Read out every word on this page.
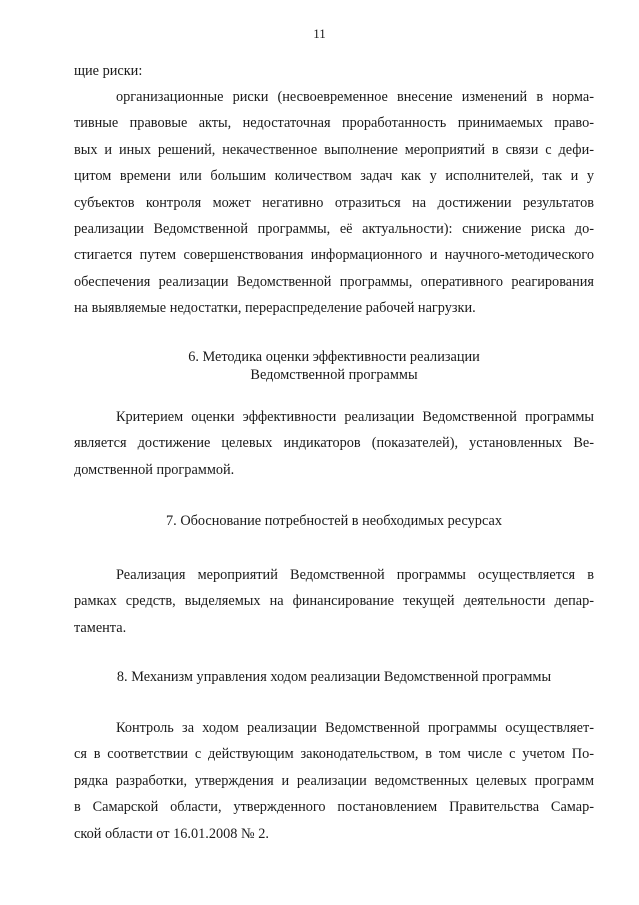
11

щие риски:

организационные риски (несвоевременное внесение изменений в норма-
тивные правовые акты, недостаточная проработанность принимаемых право-
вых и иных решений, некачественное выполнение мероприятий в связи с дефи-
цитом времени или большим количеством задач как у исполнителей, так и у
субъектов контроля может негативно отразиться на достижении результатов
реализации Ведомственной программы, её актуальности): снижение риска до-
стигается путем совершенствования информационного и научного-методического
обеспечения реализации Ведомственной программы, оперативного реагирования
на выявляемые недостатки, перераспределение рабочей нагрузки.

6. Методика оценки эффективности реализации
Ведомственной программы

Критерием оценки эффективности реализации Ведомственной программы
является достижение целевых индикаторов (показателей), установленных Ве-
домственной программой.

7. Обоснование потребностей в необходимых ресурсах

Реализация мероприятий Ведомственной программы осуществляется в
рамках средств, выделяемых на финансирование текущей деятельности депар-
тамента.

8. Механизм управления ходом реализации Ведомственной программы

Контроль за ходом реализации Ведомственной программы осуществляет-
ся в соответствии с действующим законодательством, в том числе с учетом По-
рядка разработки, утверждения и реализации ведомственных целевых программ
в Самарской области, утвержденного постановлением Правительства Самар-
ской области от 16.01.2008 № 2.
